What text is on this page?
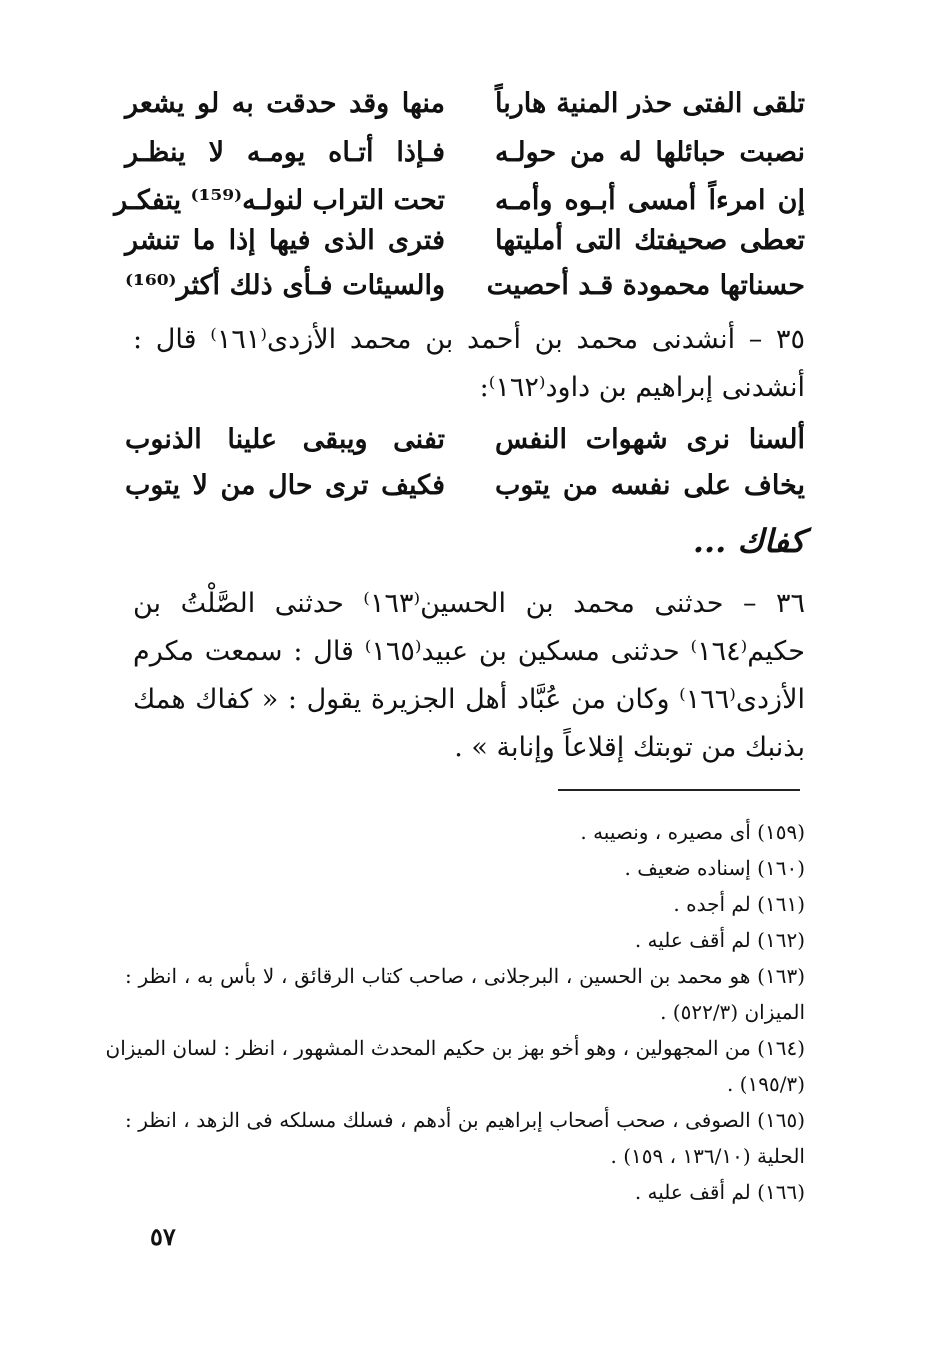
تلقى الفتى حذر المنية هارباً
منها وقد حدقت به لو يشعر
نصبت حبائلها له من حولـه
فـإذا أتـاه يومـه لا ينظـر
إن امرءاً أمسى أبـوه وأمـه
تحت التراب لنولـه⁽¹⁵⁹⁾ يتفكـر
تعطى صحيفتك التى أمليتها
فترى الذى فيها إذا ما تنشر
حسناتها محمودة قـد أحصيت
والسيئات فـأى ذلك أكثر⁽¹⁶⁰⁾
٣٥ – أنشدنى محمد بن أحمد بن محمد الأزدى⁽١٦١⁾ قال :
أنشدنى إبراهيم بن داود⁽١٦٢⁾:
ألسنا نرى شهوات النفس
تفنى ويبقى علينا الذنوب
يخاف على نفسه من يتوب
فكيف ترى حال من لا يتوب
كفاك ...
٣٦ – حدثنى محمد بن الحسين⁽١٦٣⁾ حدثنى الصَّلْتُ بن
حكيم⁽١٦٤⁾ حدثنى مسكين بن عبيد⁽١٦٥⁾ قال : سمعت مكرم
الأزدى⁽١٦٦⁾ وكان من عُبَّاد أهل الجزيرة يقول : « كفاك همك
بذنبك من توبتك إقلاعاً وإنابة » .
(١٥٩) أى مصيره ، ونصيبه .
(١٦٠) إسناده ضعيف .
(١٦١) لم أجده .
(١٦٢) لم أقف عليه .
(١٦٣) هو محمد بن الحسين ، البرجلانى ، صاحب كتاب الرقائق ، لا بأس به ، انظر :
الميزان (٥٢٢/٣) .
(١٦٤) من المجهولين ، وهو أخو بهز بن حكيم المحدث المشهور ، انظر : لسان الميزان
(١٩٥/٣) .
(١٦٥) الصوفى ، صحب أصحاب إبراهيم بن أدهم ، فسلك مسلكه فى الزهد ، انظر :
الحلية (١٣٦/١٠ ، ١٥٩) .
(١٦٦) لم أقف عليه .
٥٧
